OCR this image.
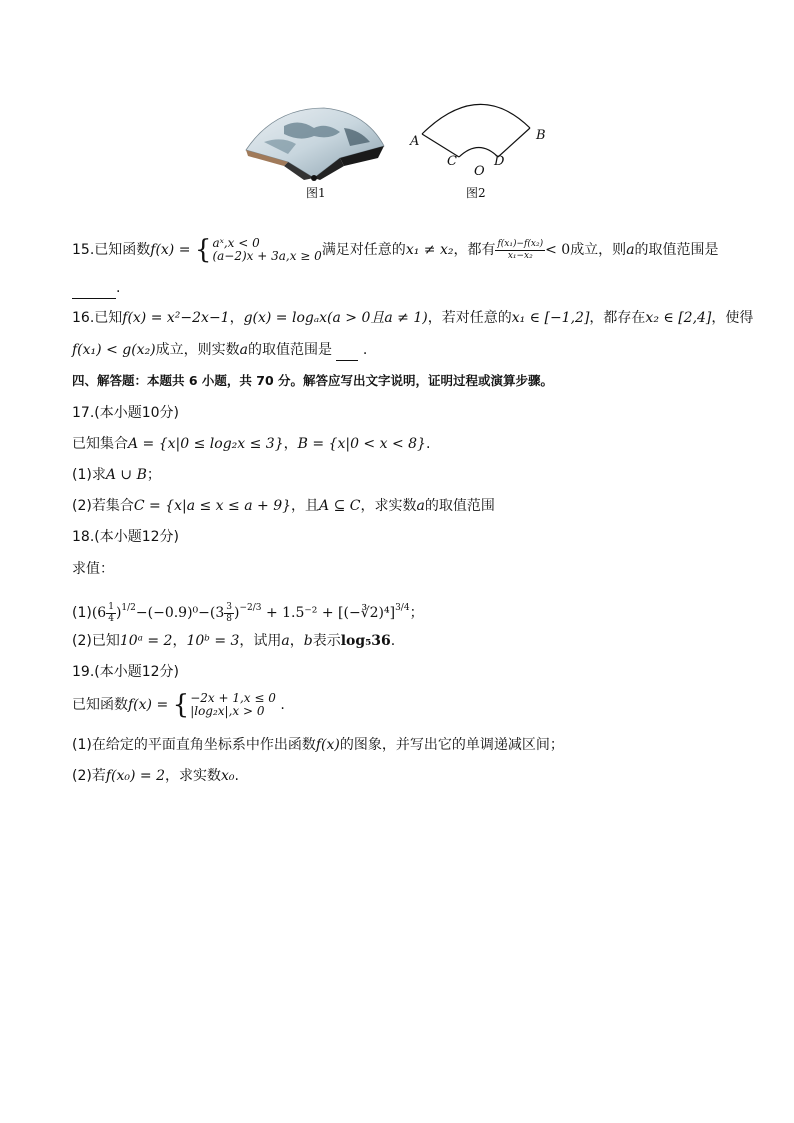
图1
A	B
C	D
O
图2
15.已知函数f(x) = {aˣ,x < 0
(a−2)x + 3a,x ≥ 0满足对任意的x₁ ≠ x₂，都有 $\frac{\text{f(x₁)−f(x₂)}}{\text{x₁−x₂}} < 0$成立，则a的取值范围是
.
16.已知f(x) = x²−2x−1，g(x) = logₐx(a > 0且a ≠ 1)，若对任意的x₁ ∈ [−1,2]，都存在x₂ ∈ [2,4]，使得
f(x₁) < g(x₂)成立，则实数a的取值范围是 .
四、解答题：本题共 6 小题，共 70 分。解答应写出文字说明，证明过程或演算步骤。
17.(本小题10分)
已知集合A = {x|0 ≤ log₂x ≤ 3}，B = {x|0 < x < 8}.
(1)求A ∪ B；
(2)若集合C = {x|a ≤ x ≤ a + 9}，且A ⊆ C，求实数a的取值范围
18.(本小题12分)
求值：
$(1)(6 \frac{1}{4} )^{1/2}-(-0.9)^0-(3 \frac{3}{8} )^{-2/3} + 1.5^{-2}$ + [(−∛2)⁴]$^{3/4}$；
(2)已知10ᵃ = 2，10ᵇ = 3，试用a，b表示log₅36.
19.(本小题12分)
已知函数f(x) = {−2x + 1,x ≤ 0
|log₂x|,x > 0 .
(1)在给定的平面直角坐标系中作出函数f(x)的图象，并写出它的单调递减区间；
(2)若f(x₀) = 2，求实数x₀.
